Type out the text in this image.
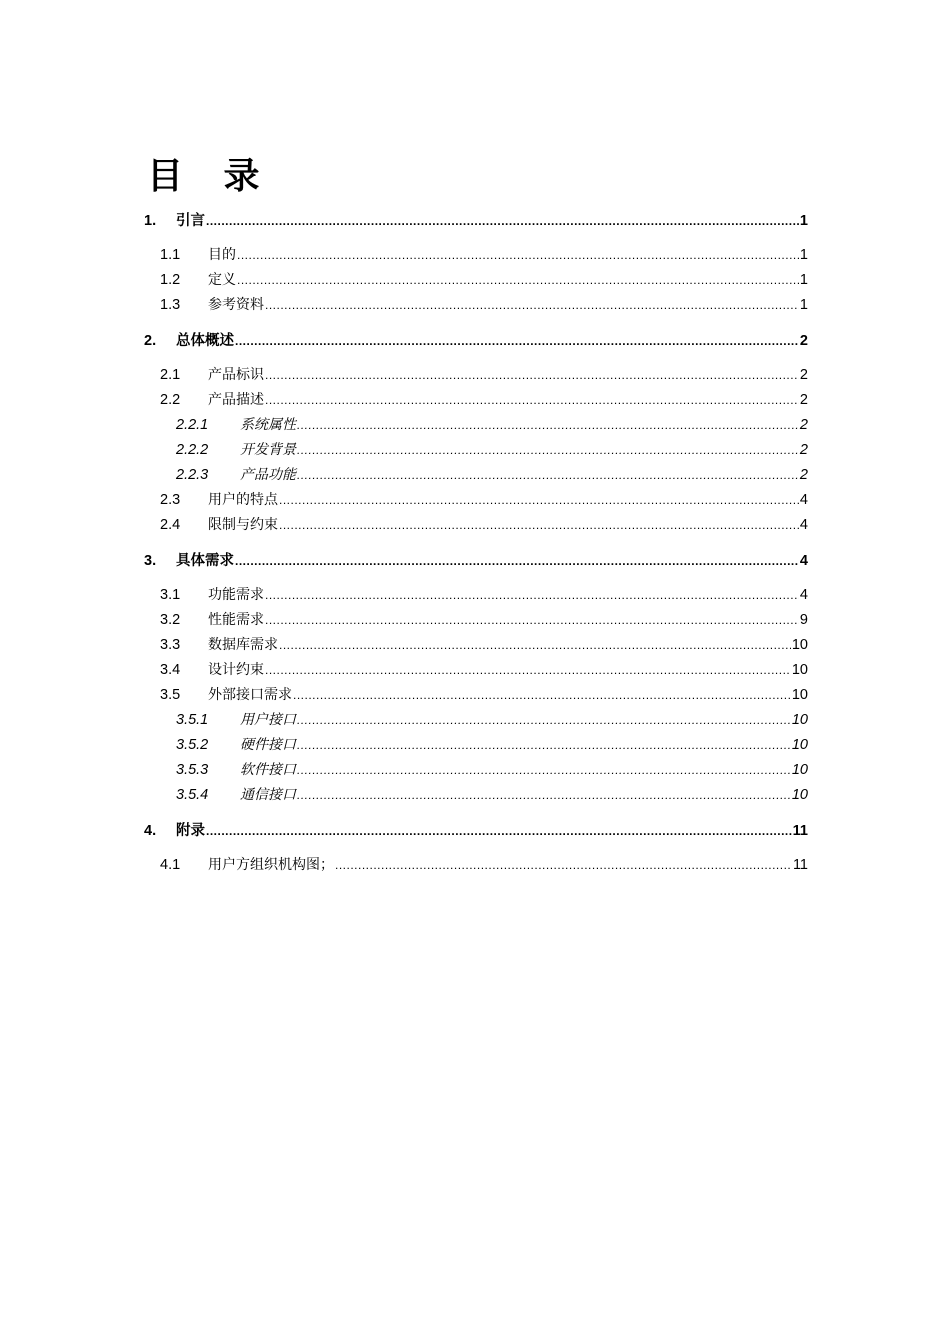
目 录
1.	引言 .....	1
1.1	目的 .....	1
1.2	定义 .....	1
1.3	参考资料 .....	1
2.	总体概述 .....	2
2.1	产品标识 .....	2
2.2	产品描述 .....	2
2.2.1	系统属性 .....	2
2.2.2	开发背景 .....	2
2.2.3	产品功能 .....	2
2.3	用户的特点 .....	4
2.4	限制与约束 .....	4
3.	具体需求 .....	4
3.1	功能需求 .....	4
3.2	性能需求 .....	9
3.3	数据库需求 .....	10
3.4	设计约束 .....	10
3.5	外部接口需求 .....	10
3.5.1	用户接口 .....	10
3.5.2	硬件接口 .....	10
3.5.3	软件接口 .....	10
3.5.4	通信接口 .....	10
4.	附录 .....	11
4.1	用户方组织机构图； .....	11
